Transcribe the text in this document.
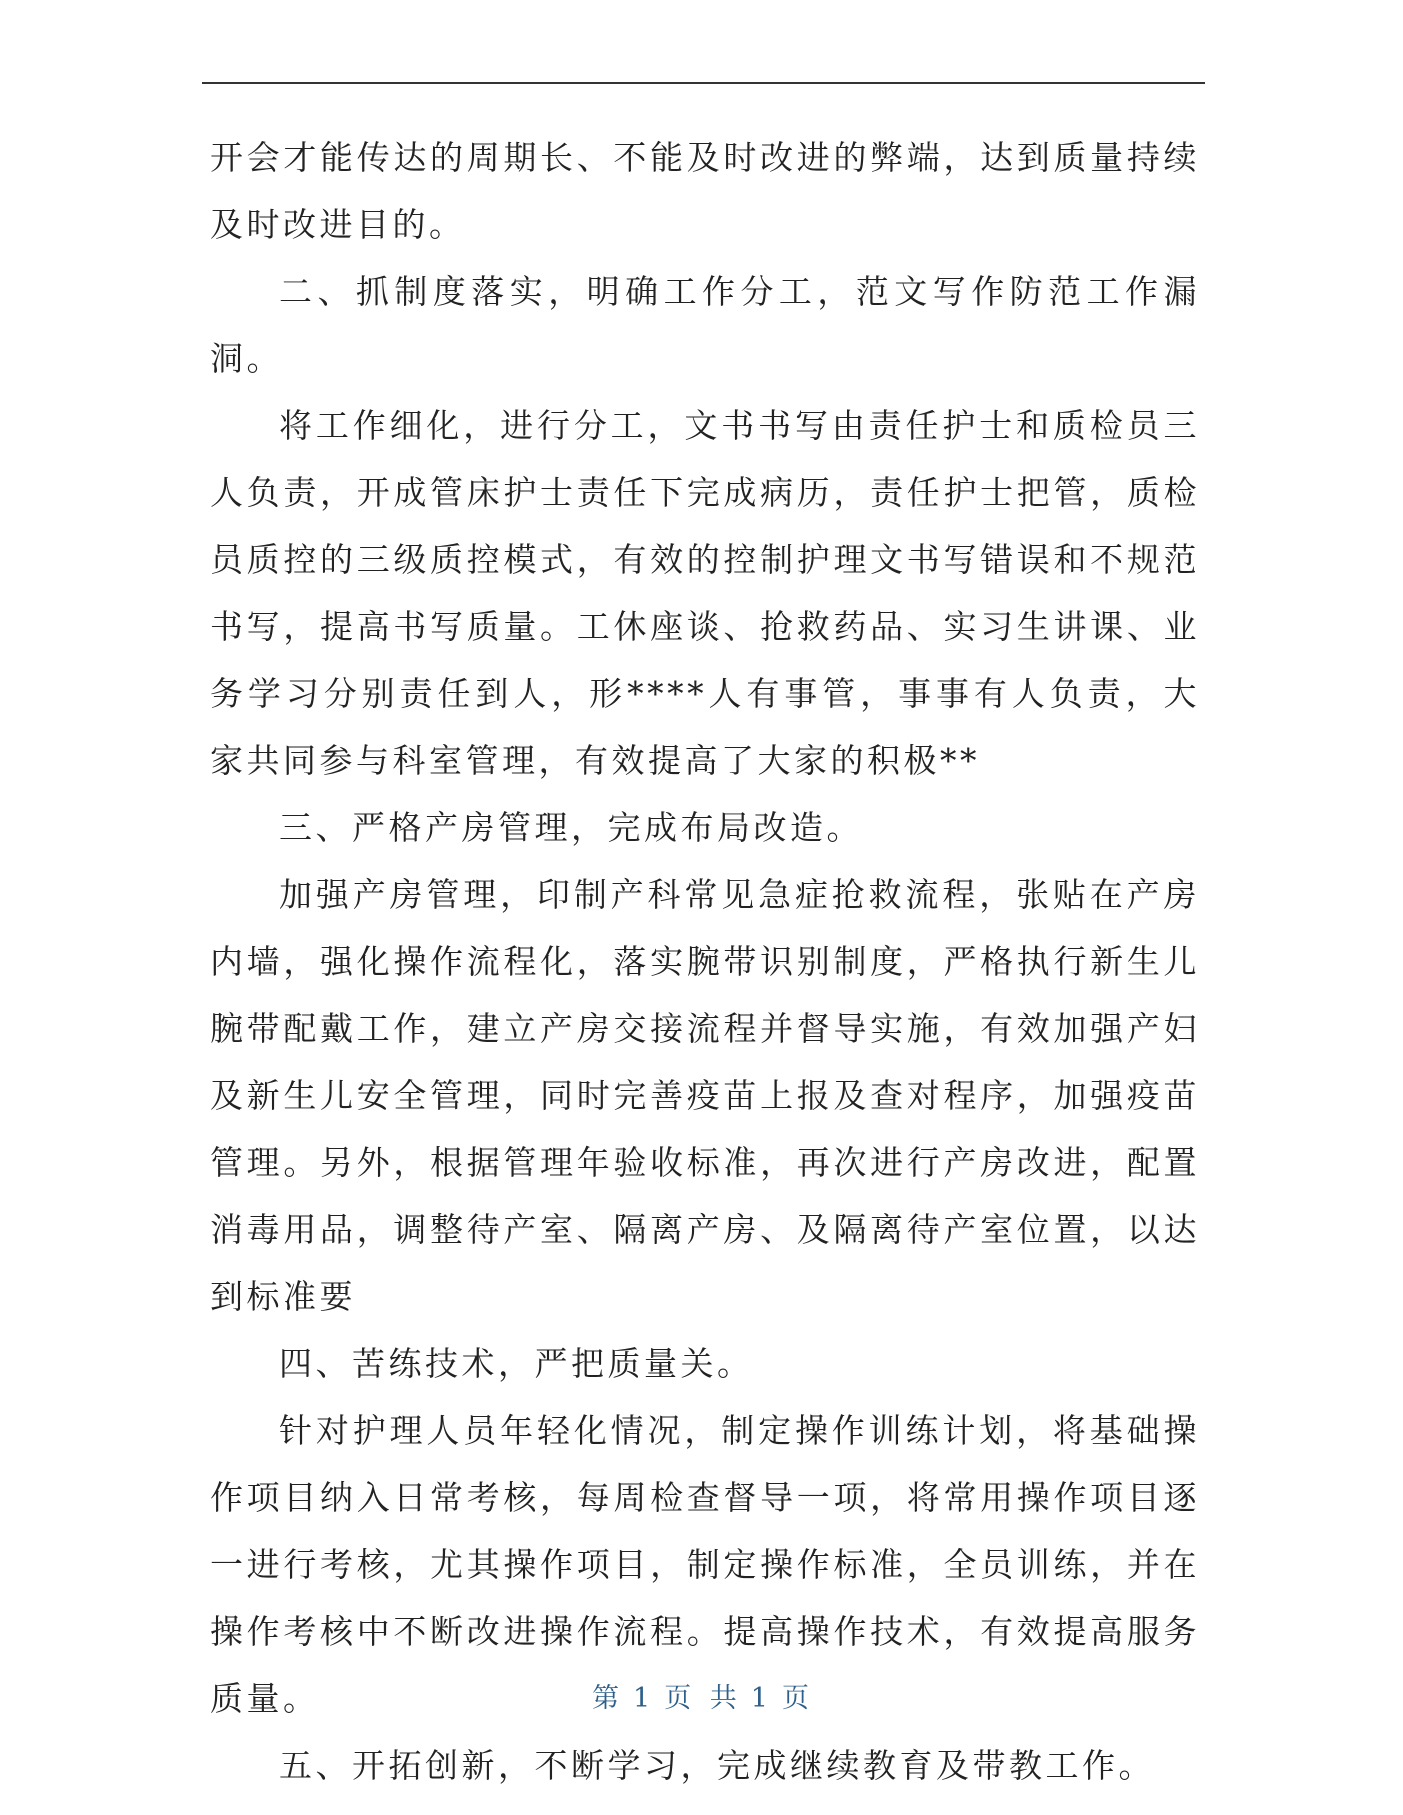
开会才能传达的周期长、不能及时改进的弊端，达到质量持续及时改进目的。

二、抓制度落实，明确工作分工，范文写作防范工作漏洞。

将工作细化，进行分工，文书书写由责任护士和质检员三人负责，开成管床护士责任下完成病历，责任护士把管，质检员质控的三级质控模式，有效的控制护理文书写错误和不规范书写，提高书写质量。工休座谈、抢救药品、实习生讲课、业务学习分别责任到人，形****人有事管，事事有人负责，大家共同参与科室管理，有效提高了大家的积极**

三、严格产房管理，完成布局改造。

加强产房管理，印制产科常见急症抢救流程，张贴在产房内墙，强化操作流程化，落实腕带识别制度，严格执行新生儿腕带配戴工作，建立产房交接流程并督导实施，有效加强产妇及新生儿安全管理，同时完善疫苗上报及查对程序，加强疫苗管理。另外，根据管理年验收标准，再次进行产房改进，配置消毒用品，调整待产室、隔离产房、及隔离待产室位置，以达到标准要

四、苦练技术，严把质量关。

针对护理人员年轻化情况，制定操作训练计划，将基础操作项目纳入日常考核，每周检查督导一项，将常用操作项目逐一进行考核，尤其操作项目，制定操作标准，全员训练，并在操作考核中不断改进操作流程。提高操作技术，有效提高服务质量。

五、开拓创新，不断学习，完成继续教育及带教工作。

第 1 页 共 1 页
